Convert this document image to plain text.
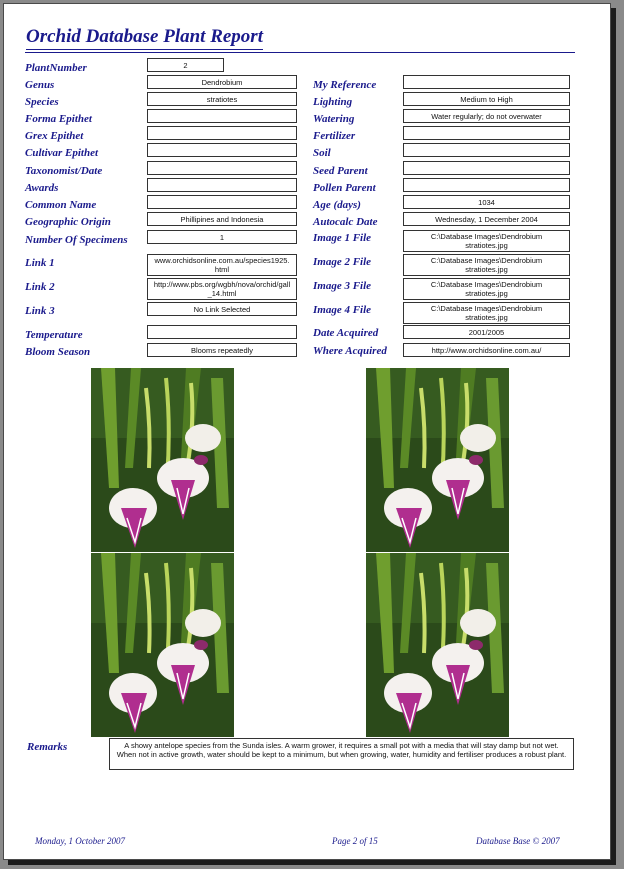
Orchid Database Plant Report
PlantNumber	2
Genus	Dendrobium
Species	stratiotes
Forma Epithet
Grex Epithet
Cultivar Epithet
Taxonomist/Date
Awards
Common Name
Geographic Origin	Phillipines and Indonesia
Number Of Specimens	1
Link 1	www.orchidsonline.com.au/species1925.
html
Link 2	http://www.pbs.org/wgbh/nova/orchid/gall
_14.html
Link 3	No Link Selected
Temperature
Bloom Season	Blooms repeatedly
My Reference
Lighting	Medium to High
Watering	Water regularly; do not overwater
Fertilizer
Soil
Seed Parent
Pollen Parent
Age (days)	1034
Autocalc Date	Wednesday, 1 December 2004
Image 1 File	C:\Database Images\Dendrobium
stratiotes.jpg
Image 2 File	C:\Database Images\Dendrobium
stratiotes.jpg
Image 3 File	C:\Database Images\Dendrobium
stratiotes.jpg
Image 4 File	C:\Database Images\Dendrobium
stratiotes.jpg
Date Acquired	2001/2005
Where Acquired	http://www.orchidsonline.com.au/
Remarks	A showy antelope species from the Sunda isles. A warm grower, it requires a small pot with a media that will stay damp but not wet. When not in active growth, water should be kept to a minimum, but when growing, water, humidity and fertiliser produces a robust plant.
Monday, 1 October 2007	Page 2 of 15	Database Base © 2007
